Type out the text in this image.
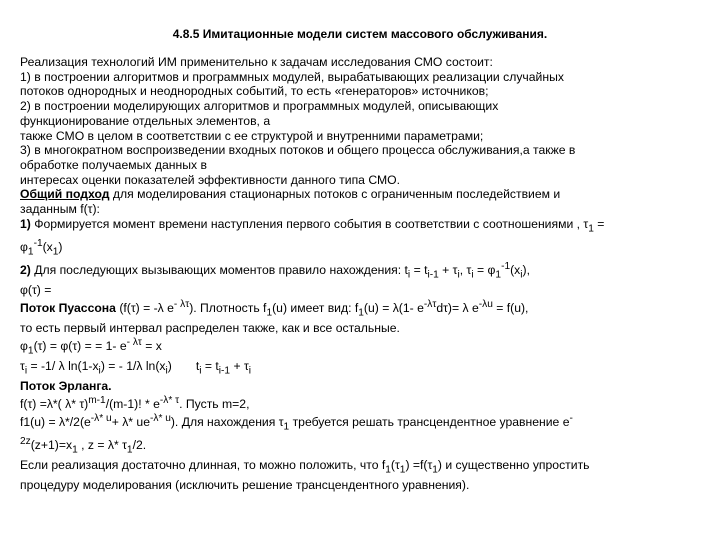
4.8.5 Имитационные модели систем массового обслуживания.
Реализация технологий ИМ применительно к задачам исследования СМО состоит:
1) в построении алгоритмов и программных модулей, вырабатывающих реализации случайных
потоков однородных и неоднородных событий, то есть «генераторов» источников;
2) в построении моделирующих алгоритмов и программных модулей, описывающих
функционирование отдельных элементов, а
также СМО в целом в соответствии с ее структурой и внутренними параметрами;
3) в многократном воспроизведении входных потоков и общего процесса обслуживания,а также в
обработке получаемых данных в
интересах оценки показателей эффективности данного типа СМО.
Общий подход для моделирования стационарных потоков с ограниченным последействием и
заданным f(τ):
1) Формируется момент времени наступления первого события в соответствии с соотношениями , $\tau_1$ =
$\varphi_1^{-1}(x_1)$
2) Для последующих вызывающих моментов правило нахождения: $t_i = t_{i-1} + \tau_i$, $\tau_i = \varphi_1^{-1}(x_i)$,
φ(τ) =
Поток Пуассона (f(τ) = -λ $e^{- \lambda\tau}$). Плотность $f_1(u)$ имеет вид: $f_1(u) = \lambda(1-$ $e^{-\lambda\tau}d\tau)= \lambda$ $e^{-\lambda u} = f(u)$,
то есть первый интервал распределен также, как и все остальные.
$\varphi_1(\tau) = \varphi(\tau)$ = = 1- $e^{- \lambda\tau} = x$
$\tau_i = -1/$ λ $\ln(1-x_i)$ = - 1/λ $\ln(x_i) t_i = t_{i-1} + \tau_i$
Поток Эрланга.
f(τ) =λ*( λ* τ)$^{m-1}$/(m-1)! * $e^{-\lambda* \tau}$. Пусть m=2,
$f1(u) = \lambda*/2(e^{-\lambda* u}+ \lambda*$ $ue^{-\lambda* u}$). Для нахождения $\tau_1$ требуется решать трансцендентное уравнение e-
$^{2z}(z+1)=x_1$ , z = λ* $\tau_1/2$.
Если реализация достаточно длинная, то можно положить, что $f_1(\tau_1) =f(\tau_1)$ и существенно упростить
процедуру моделирования (исключить решение трансцендентного уравнения).
